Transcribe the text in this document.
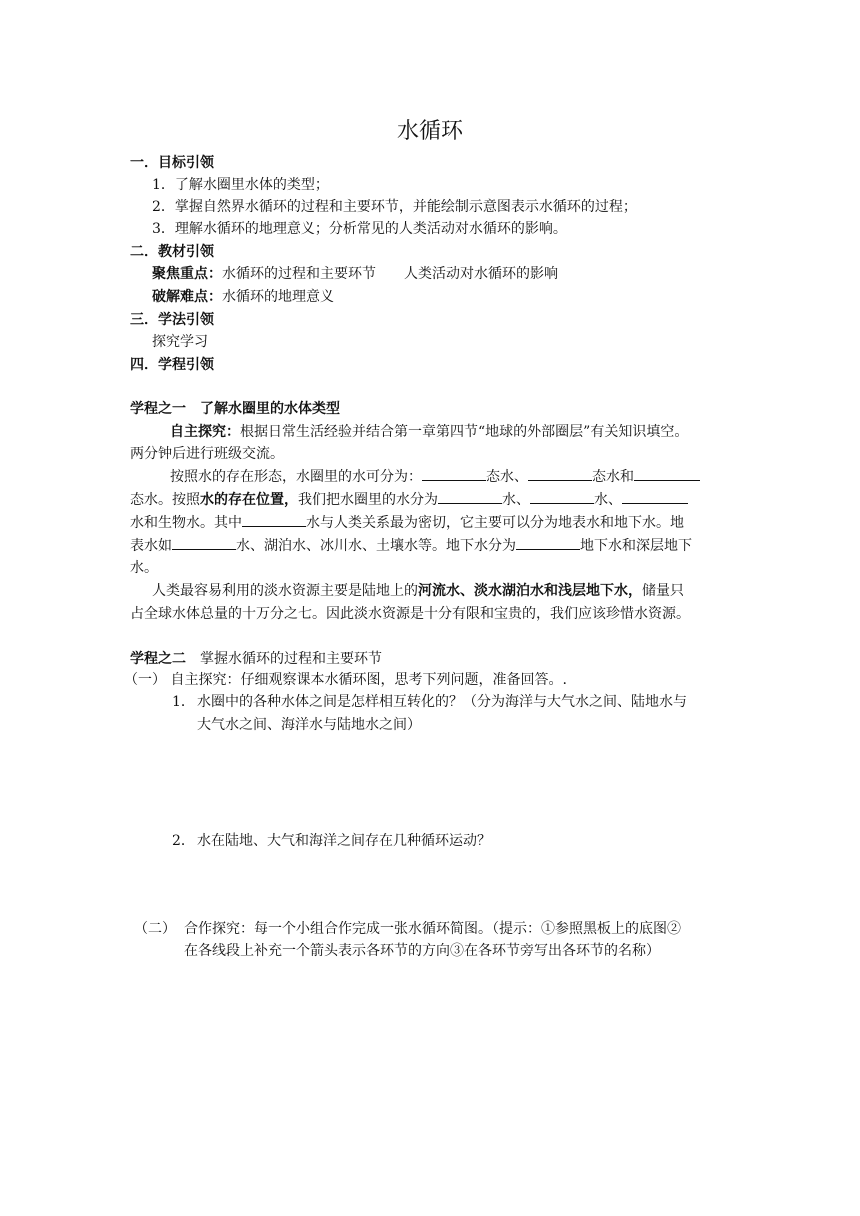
水循环
一．目标引领
1．了解水圈里水体的类型；
2．掌握自然界水循环的过程和主要环节，并能绘制示意图表示水循环的过程；
3．理解水循环的地理意义；分析常见的人类活动对水循环的影响。
二．教材引领
聚焦重点：水循环的过程和主要环节　　人类活动对水循环的影响
破解难点：水循环的地理意义
三．学法引领
探究学习
四．学程引领
学程之一　了解水圈里的水体类型
自主探究：根据日常生活经验并结合第一章第四节“地球的外部圈层”有关知识填空。
两分钟后进行班级交流。
按照水的存在形态，水圈里的水可分为：	态水、	态水和
态水。按照水的存在位置，我们把水圈里的水分为	水、	水、
水和生物水。其中	水与人类关系最为密切，它主要可以分为地表水和地下水。地
表水如	水、湖泊水、冰川水、土壤水等。地下水分为	地下水和深层地下
水。
人类最容易利用的淡水资源主要是陆地上的河流水、淡水湖泊水和浅层地下水，储量只
占全球水体总量的十万分之七。因此淡水资源是十分有限和宝贵的，我们应该珍惜水资源。
学程之二　掌握水循环的过程和主要环节
（一） 自主探究：仔细观察课本水循环图，思考下列问题，准备回答。.
1． 水圈中的各种水体之间是怎样相互转化的？（分为海洋与大气水之间、陆地水与
大气水之间、海洋水与陆地水之间）
2． 水在陆地、大气和海洋之间存在几种循环运动？
（二） 合作探究：每一个小组合作完成一张水循环简图。（提示：①参照黑板上的底图②
在各线段上补充一个箭头表示各环节的方向③在各环节旁写出各环节的名称）
